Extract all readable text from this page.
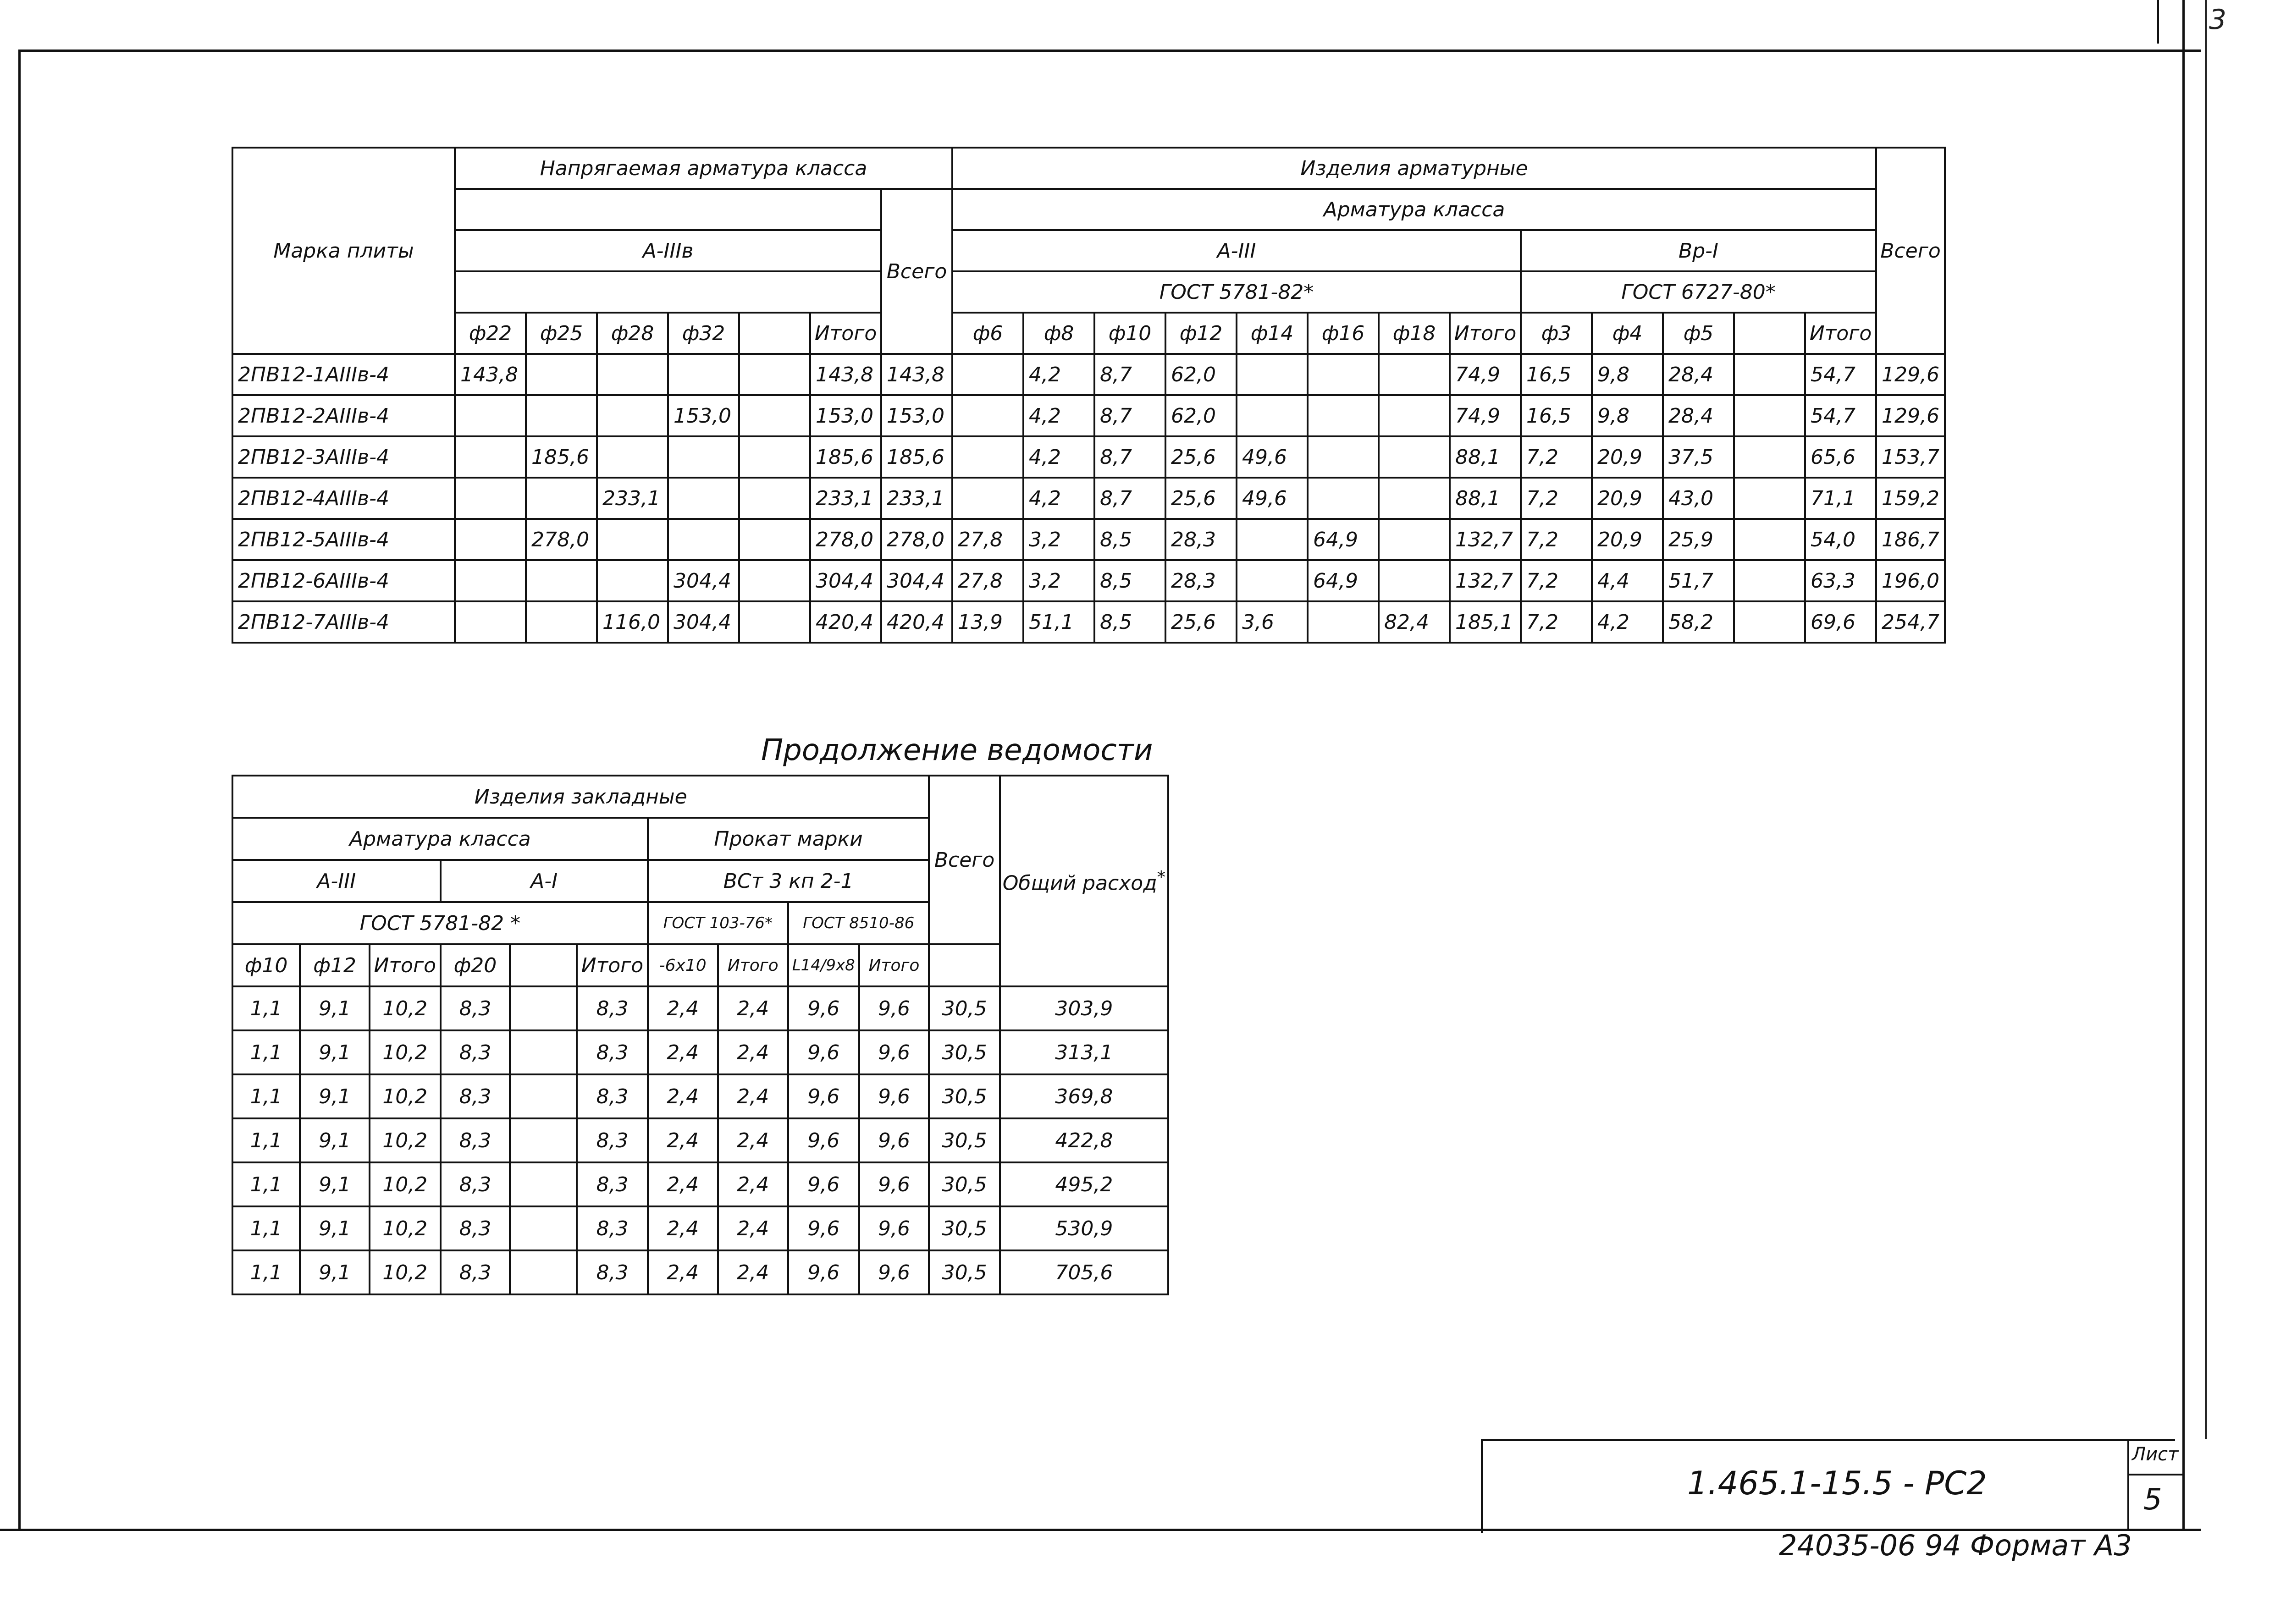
3
Марка плиты	Напрягаемая арматура класса							Изделия арматурные													Всего
							Всего	Арматура класса													
	А-IIIв							А-III								Вр-I					
								ГОСТ 5781-82*								ГОСТ 6727-80*					
	ф22	ф25	ф28	ф32		Итого		ф6	ф8	ф10	ф12	ф14	ф16	ф18	Итого	ф3	ф4	ф5		Итого	
2ПВ12-1АIIIв-4	143,8					143,8	143,8		4,2	8,7	62,0				74,9	16,5	9,8	28,4		54,7	129,6
2ПВ12-2АIIIв-4				153,0		153,0	153,0		4,2	8,7	62,0				74,9	16,5	9,8	28,4		54,7	129,6
2ПВ12-3АIIIв-4		185,6				185,6	185,6		4,2	8,7	25,6	49,6			88,1	7,2	20,9	37,5		65,6	153,7
2ПВ12-4АIIIв-4			233,1			233,1	233,1		4,2	8,7	25,6	49,6			88,1	7,2	20,9	43,0		71,1	159,2
2ПВ12-5АIIIв-4		278,0				278,0	278,0	27,8	3,2	8,5	28,3		64,9		132,7	7,2	20,9	25,9		54,0	186,7
2ПВ12-6АIIIв-4				304,4		304,4	304,4	27,8	3,2	8,5	28,3		64,9		132,7	7,2	4,4	51,7		63,3	196,0
2ПВ12-7АIIIв-4			116,0	304,4		420,4	420,4	13,9	51,1	8,5	25,6	3,6		82,4	185,1	7,2	4,2	58,2		69,6	254,7
Продолжение ведомости
Изделия закладные										Всего	Общий расход*
Арматура класса						Прокат марки					
А-III			А-I			ВСт 3 кп 2-1					
ГОСТ 5781-82 *						ГОСТ 103-76*		ГОСТ 8510-86			
ф10	ф12	Итого	ф20		Итого	-6х10	Итого	L14/9х8	Итого		
1,1	9,1	10,2	8,3		8,3	2,4	2,4	9,6	9,6	30,5	303,9
1,1	9,1	10,2	8,3		8,3	2,4	2,4	9,6	9,6	30,5	313,1
1,1	9,1	10,2	8,3		8,3	2,4	2,4	9,6	9,6	30,5	369,8
1,1	9,1	10,2	8,3		8,3	2,4	2,4	9,6	9,6	30,5	422,8
1,1	9,1	10,2	8,3		8,3	2,4	2,4	9,6	9,6	30,5	495,2
1,1	9,1	10,2	8,3		8,3	2,4	2,4	9,6	9,6	30,5	530,9
1,1	9,1	10,2	8,3		8,3	2,4	2,4	9,6	9,6	30,5	705,6
1.465.1-15.5 - РС2
Лист
5
24035-06 94 Формат А3
